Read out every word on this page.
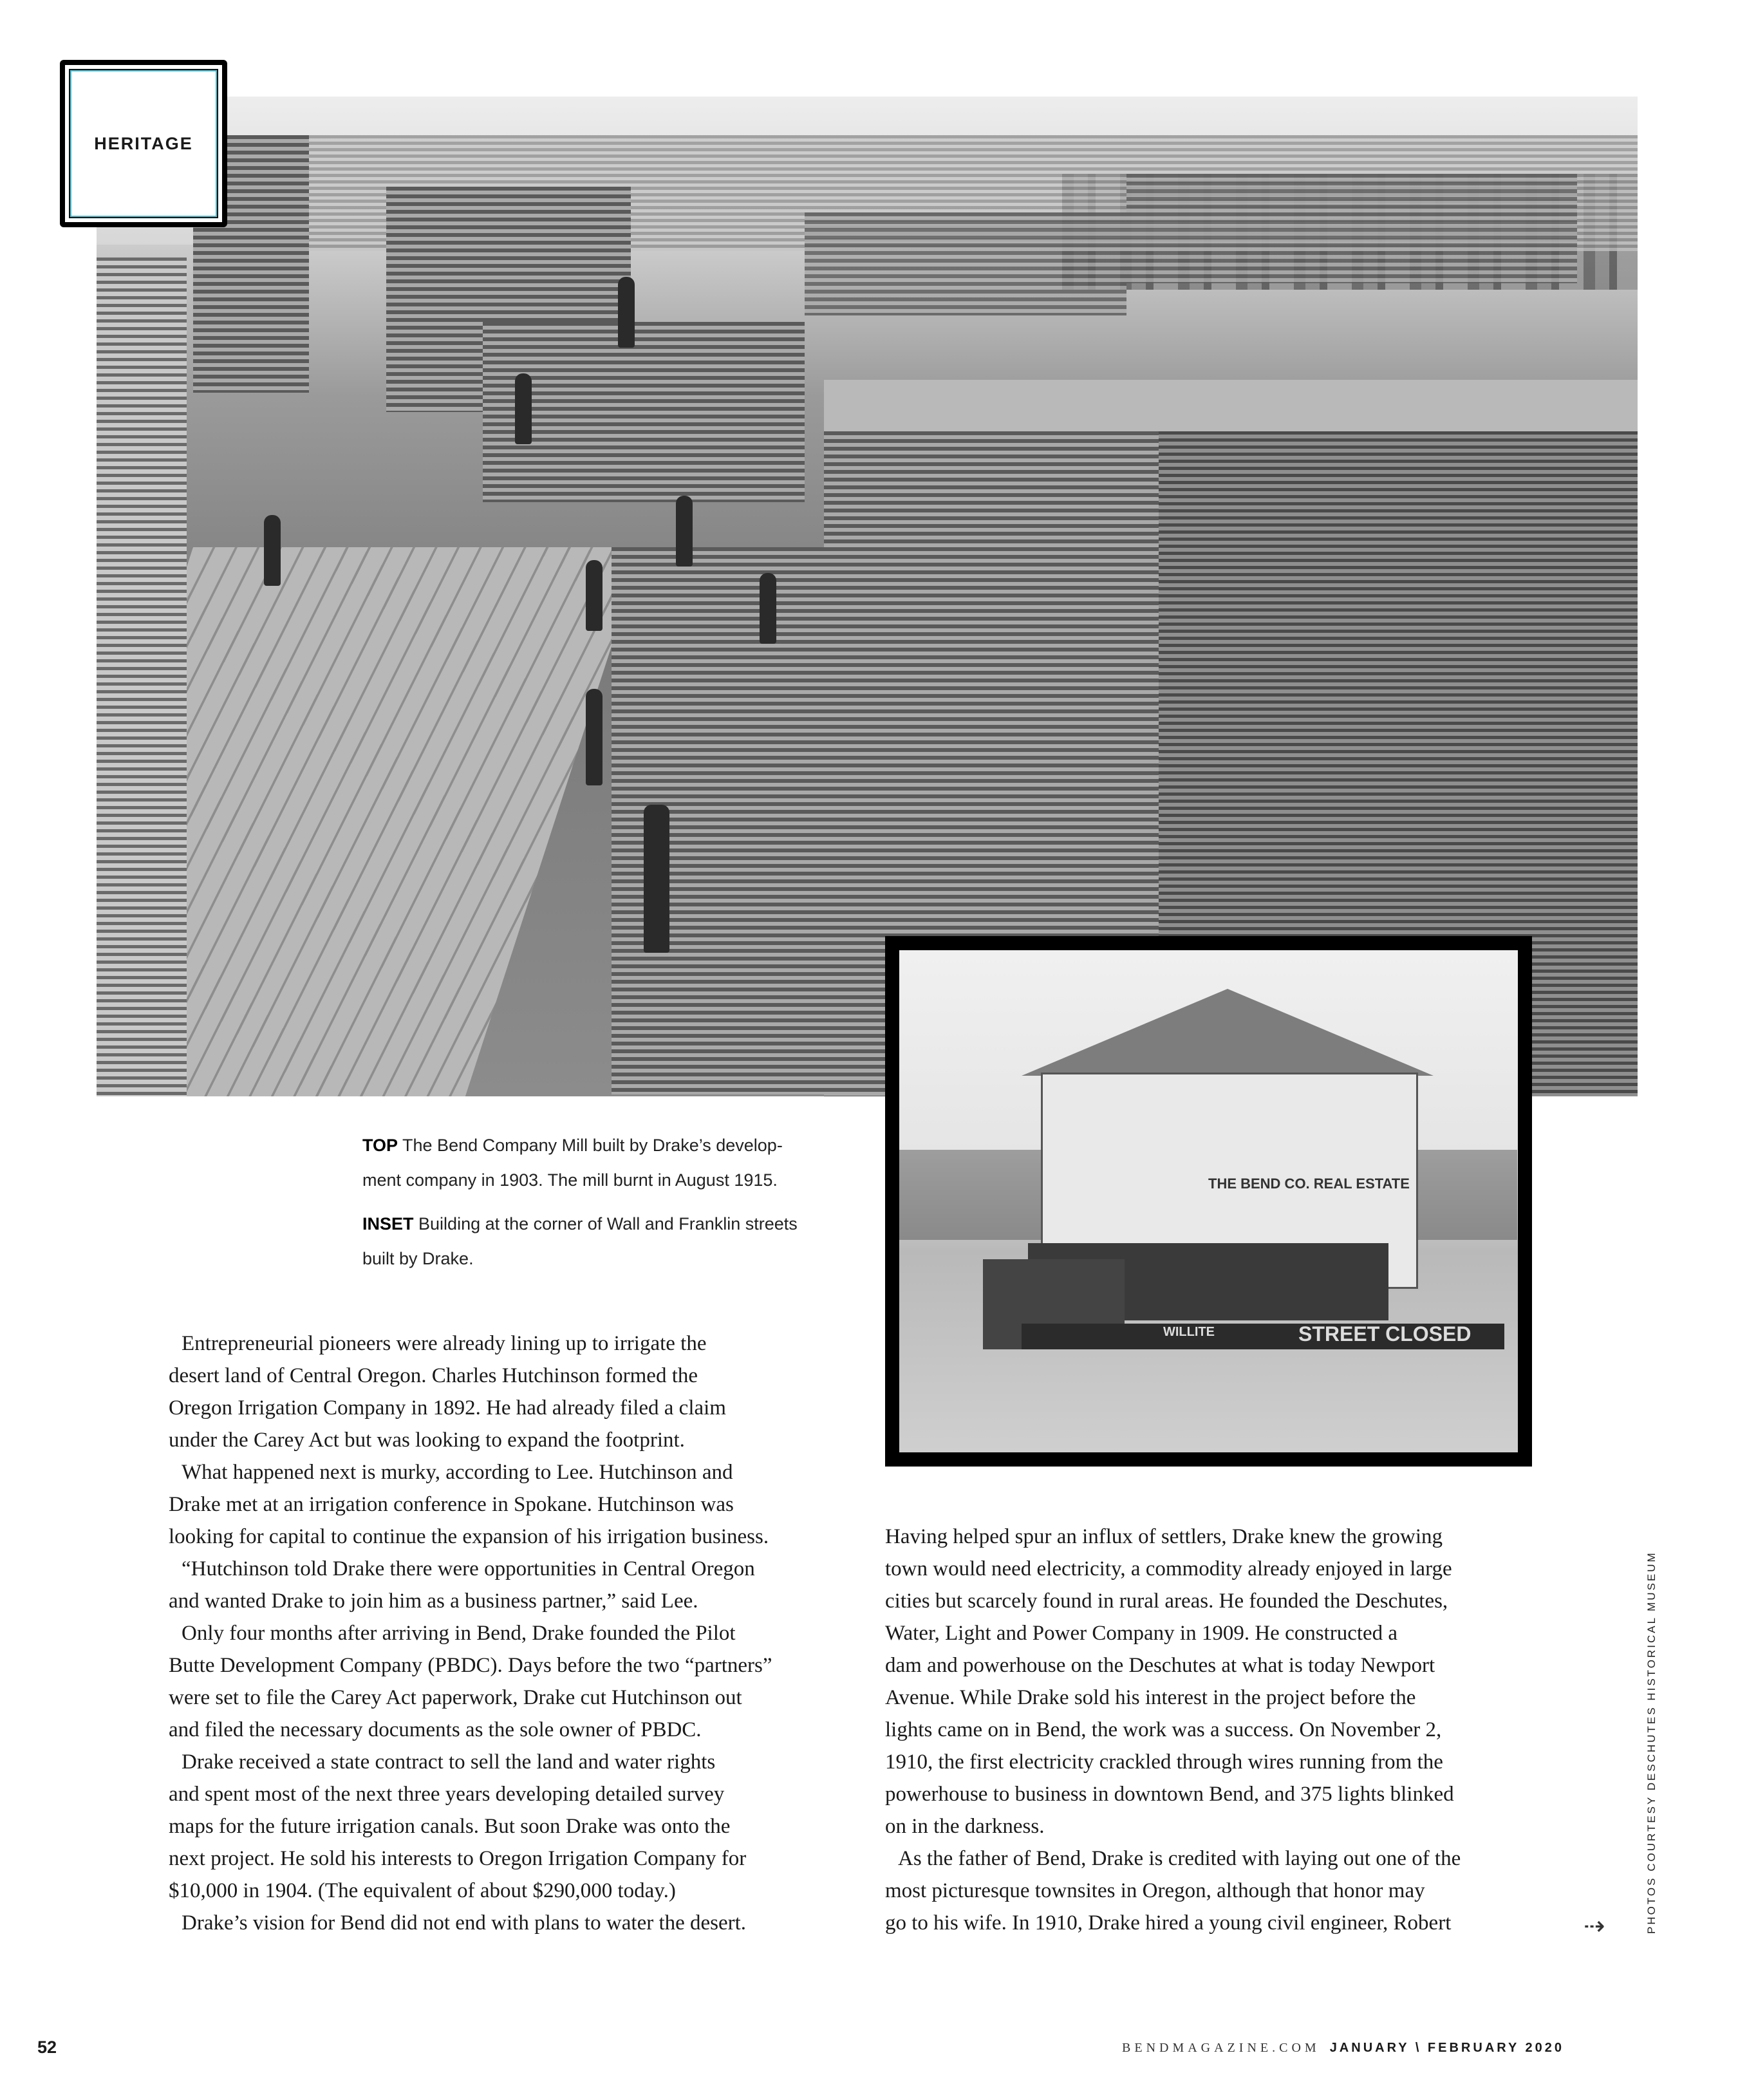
HERITAGE
THE BEND CO. REAL ESTATE
WILLITE	STREET CLOSED
TOP The Bend Company Mill built by Drake’s develop-
ment company in 1903. The mill burnt in August 1915.
INSET Building at the corner of Wall and Franklin streets
built by Drake.
Entrepreneurial pioneers were already lining up to irrigate the
desert land of Central Oregon. Charles Hutchinson formed the
Oregon Irrigation Company in 1892. He had already filed a claim
under the Carey Act but was looking to expand the footprint.
What happened next is murky, according to Lee. Hutchinson and
Drake met at an irrigation conference in Spokane. Hutchinson was
looking for capital to continue the expansion of his irrigation business.
“Hutchinson told Drake there were opportunities in Central Oregon
and wanted Drake to join him as a business partner,” said Lee.
Only four months after arriving in Bend, Drake founded the Pilot
Butte Development Company (PBDC). Days before the two “partners”
were set to file the Carey Act paperwork, Drake cut Hutchinson out
and filed the necessary documents as the sole owner of PBDC.
Drake received a state contract to sell the land and water rights
and spent most of the next three years developing detailed survey
maps for the future irrigation canals. But soon Drake was onto the
next project. He sold his interests to Oregon Irrigation Company for
$10,000 in 1904. (The equivalent of about $290,000 today.)
Drake’s vision for Bend did not end with plans to water the desert.
Having helped spur an influx of settlers, Drake knew the growing
town would need electricity, a commodity already enjoyed in large
cities but scarcely found in rural areas. He founded the Deschutes,
Water, Light and Power Company in 1909. He constructed a
dam and powerhouse on the Deschutes at what is today Newport
Avenue. While Drake sold his interest in the project before the
lights came on in Bend, the work was a success. On November 2,
1910, the first electricity crackled through wires running from the
powerhouse to business in downtown Bend, and 375 lights blinked
on in the darkness.
As the father of Bend, Drake is credited with laying out one of the
most picturesque townsites in Oregon, although that honor may
go to his wife. In 1910, Drake hired a young civil engineer, Robert	PHOTOS COURTESY DESCHUTES HISTORICAL MUSEUM
⇢
52	BENDMAGAZINE.COM JANUARY \ FEBRUARY 2020
